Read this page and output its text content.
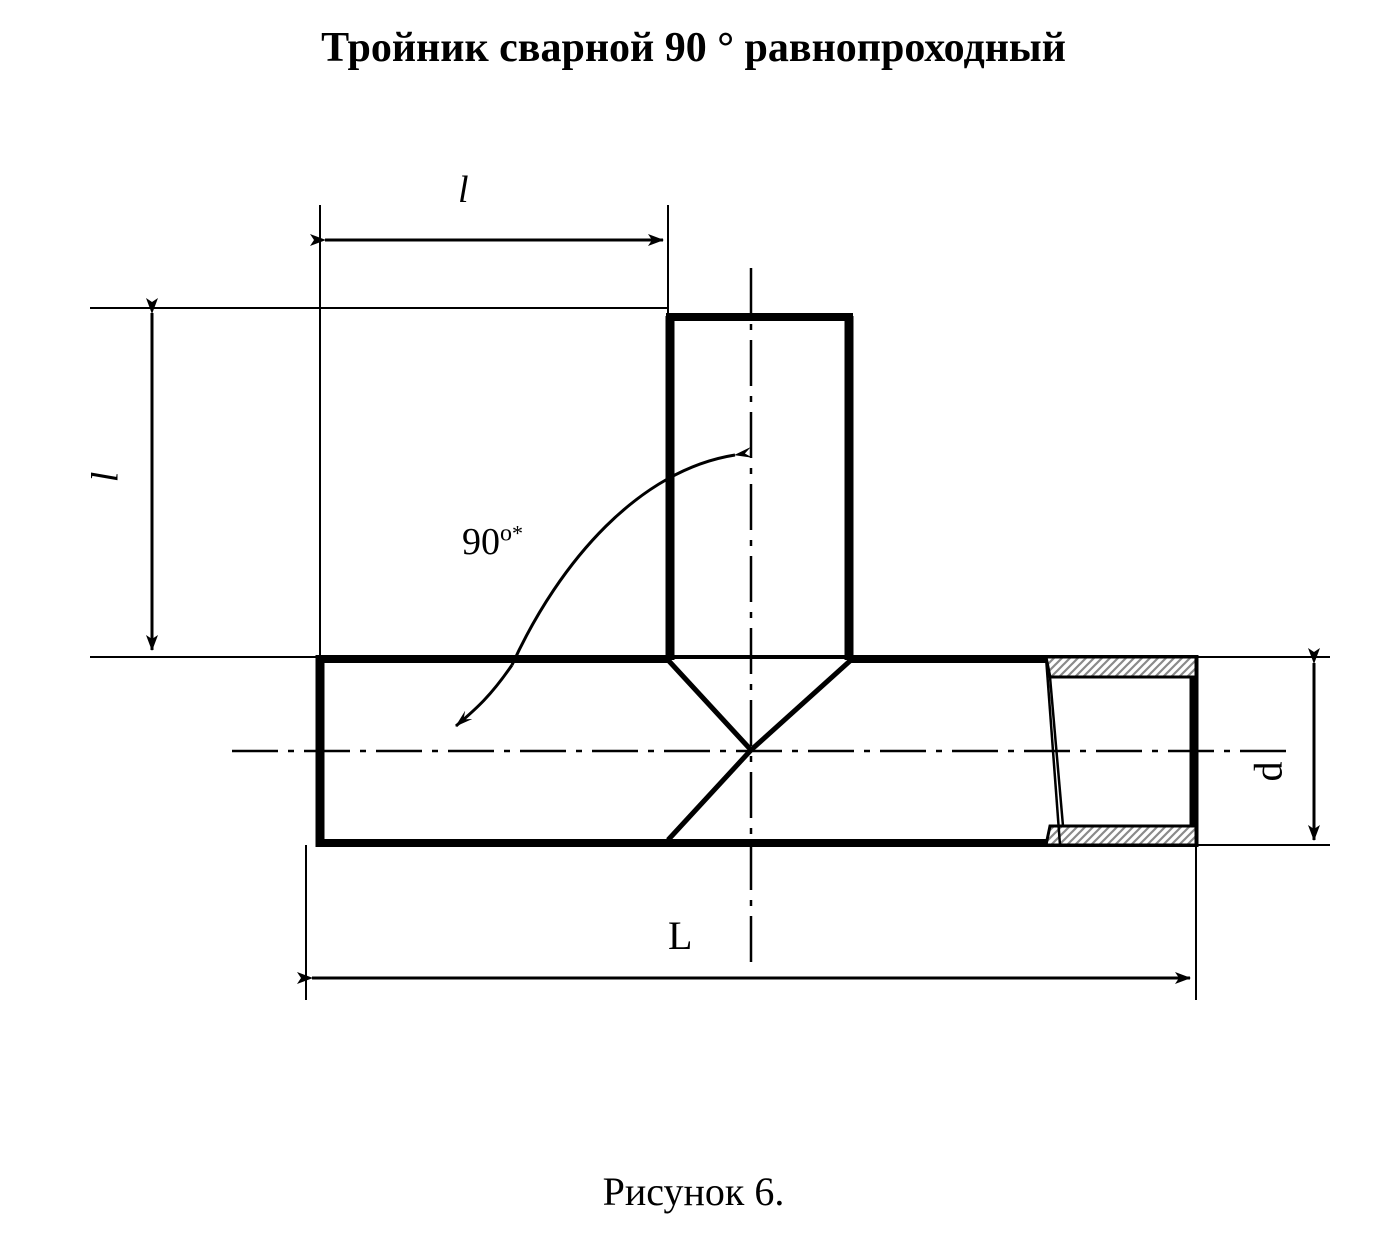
Тройник сварной 90 ° равнопроходный
l
l
L
d
$90^{о*}$
Рисунок 6.
